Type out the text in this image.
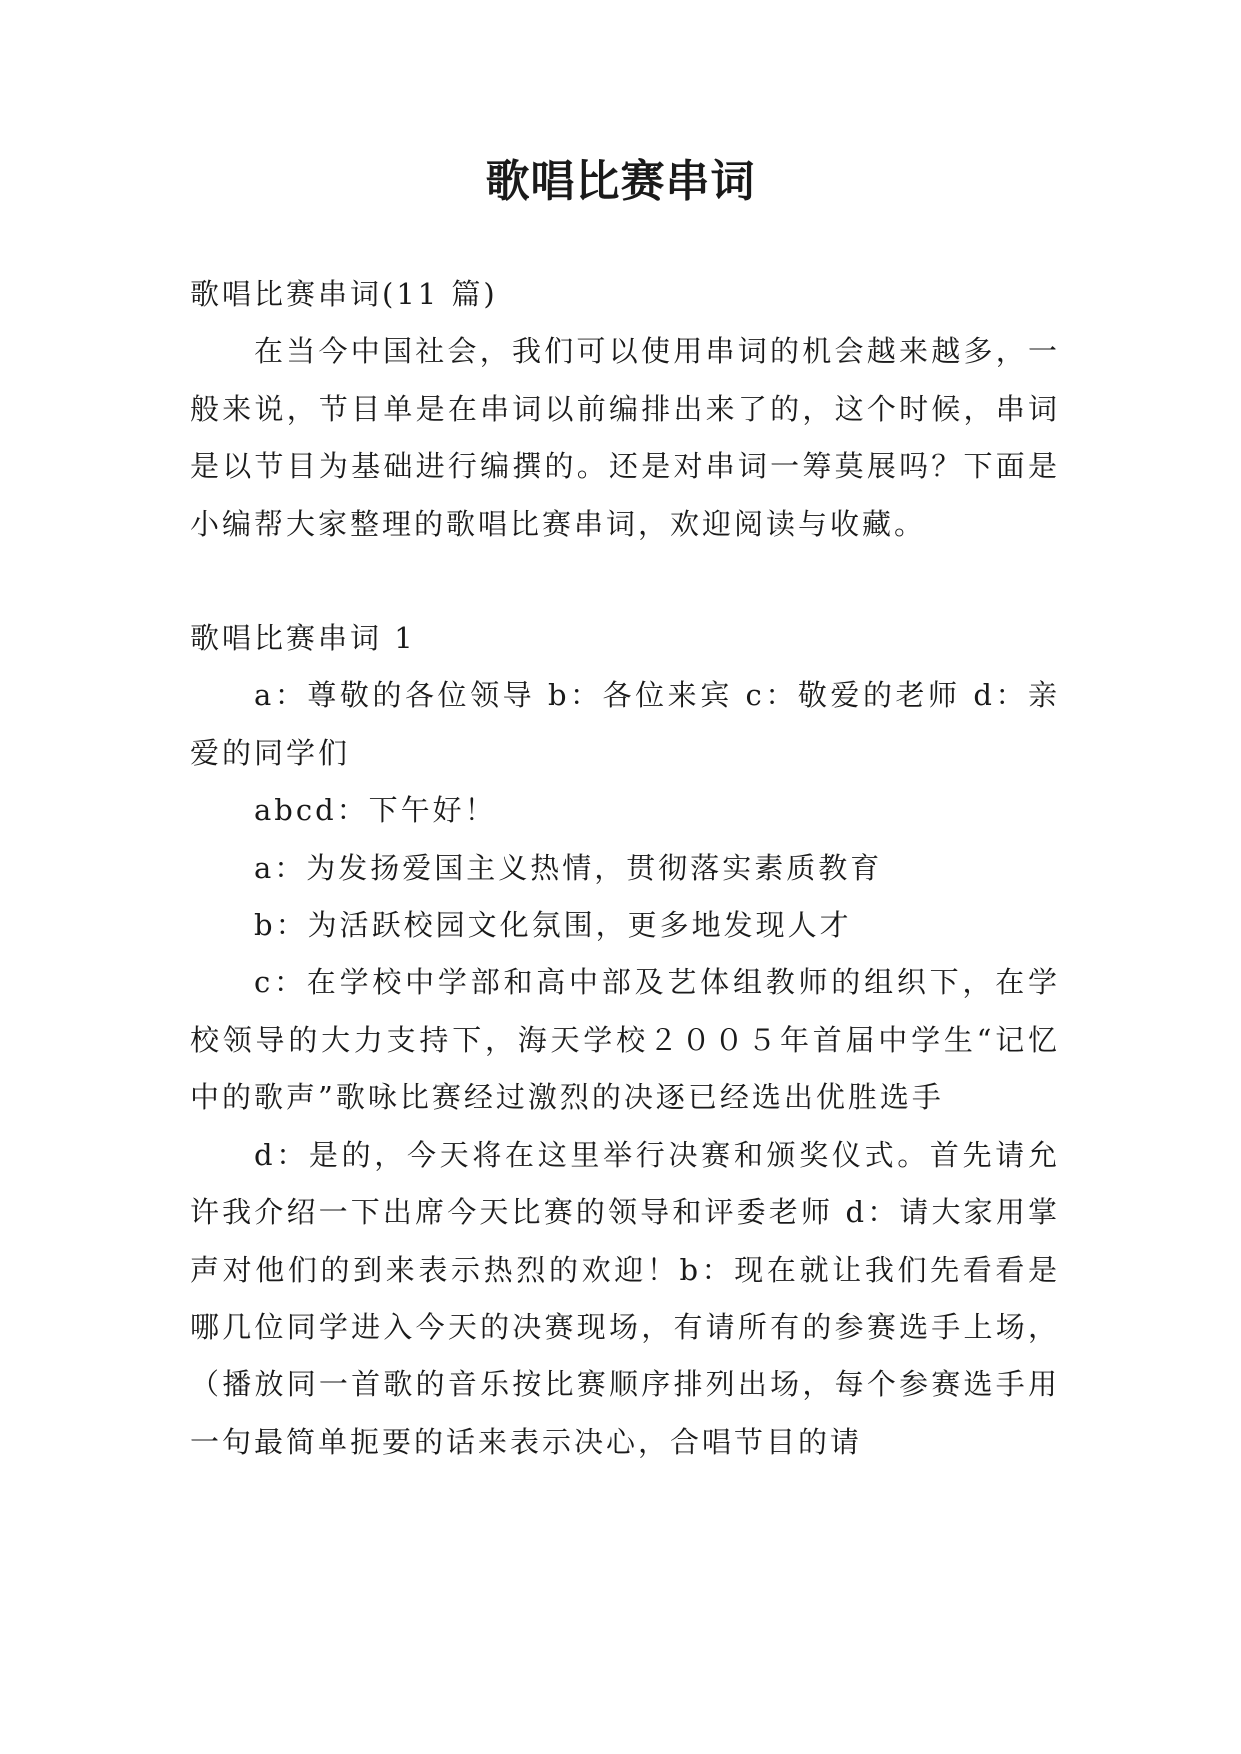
歌唱比赛串词

歌唱比赛串词(11 篇)

在当今中国社会，我们可以使用串词的机会越来越多，一般来说，节目单是在串词以前编排出来了的，这个时候，串词是以节目为基础进行编撰的。还是对串词一筹莫展吗？下面是小编帮大家整理的歌唱比赛串词，欢迎阅读与收藏。

歌唱比赛串词 1

a：尊敬的各位领导 b：各位来宾 c：敬爱的老师 d：亲爱的同学们

abcd：下午好！

a：为发扬爱国主义热情，贯彻落实素质教育

b：为活跃校园文化氛围，更多地发现人才

c：在学校中学部和高中部及艺体组教师的组织下，在学校领导的大力支持下，海天学校２００５年首届中学生“记忆中的歌声”歌咏比赛经过激烈的决逐已经选出优胜选手

d：是的，今天将在这里举行决赛和颁奖仪式。首先请允许我介绍一下出席今天比赛的领导和评委老师 d：请大家用掌声对他们的到来表示热烈的欢迎！b：现在就让我们先看看是哪几位同学进入今天的决赛现场，有请所有的参赛选手上场，（播放同一首歌的音乐按比赛顺序排列出场，每个参赛选手用一句最简单扼要的话来表示决心，合唱节目的请
